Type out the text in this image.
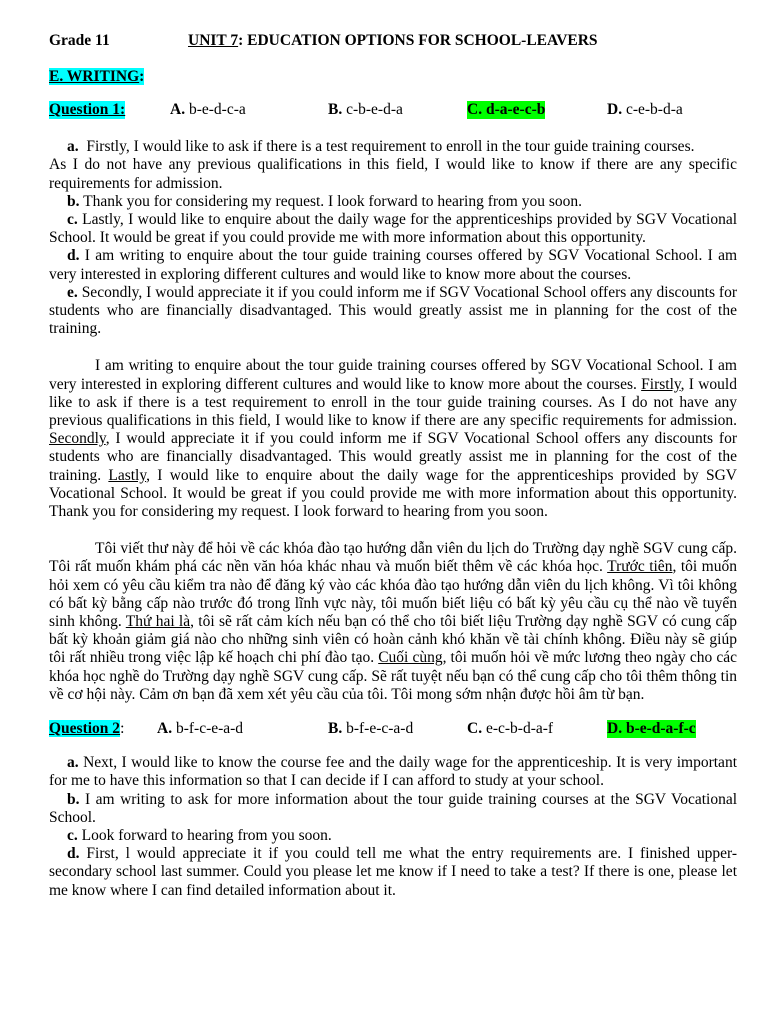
Grade 11	UNIT 7: EDUCATION OPTIONS FOR SCHOOL-LEAVERS
E. WRITING:
Question 1:	A. b-e-d-c-a	B. c-b-e-d-a	C. d-a-e-c-b	D. c-e-b-d-a

a. Firstly, I would like to ask if there is a test requirement to enroll in the tour guide training courses.

As I do not have any previous qualifications in this field, I would like to know if there are any specific requirements for admission.

b. Thank you for considering my request. I look forward to hearing from you soon.

c. Lastly, I would like to enquire about the daily wage for the apprenticeships provided by SGV Vocational School. It would be great if you could provide me with more information about this opportunity.

d. I am writing to enquire about the tour guide training courses offered by SGV Vocational School. I am very interested in exploring different cultures and would like to know more about the courses.

e. Secondly, I would appreciate it if you could inform me if SGV Vocational School offers any discounts for students who are financially disadvantaged. This would greatly assist me in planning for the cost of the training.

I am writing to enquire about the tour guide training courses offered by SGV Vocational School. I am very interested in exploring different cultures and would like to know more about the courses. Firstly, I would like to ask if there is a test requirement to enroll in the tour guide training courses. As I do not have any previous qualifications in this field, I would like to know if there are any specific requirements for admission. Secondly, I would appreciate it if you could inform me if SGV Vocational School offers any discounts for students who are financially disadvantaged. This would greatly assist me in planning for the cost of the training. Lastly, I would like to enquire about the daily wage for the apprenticeships provided by SGV Vocational School. It would be great if you could provide me with more information about this opportunity. Thank you for considering my request. I look forward to hearing from you soon.

Tôi viết thư này để hỏi về các khóa đào tạo hướng dẫn viên du lịch do Trường dạy nghề SGV cung cấp. Tôi rất muốn khám phá các nền văn hóa khác nhau và muốn biết thêm về các khóa học. Trước tiên, tôi muốn hỏi xem có yêu cầu kiểm tra nào để đăng ký vào các khóa đào tạo hướng dẫn viên du lịch không. Vì tôi không có bất kỳ bằng cấp nào trước đó trong lĩnh vực này, tôi muốn biết liệu có bất kỳ yêu cầu cụ thể nào về tuyển sinh không. Thứ hai là, tôi sẽ rất cảm kích nếu bạn có thể cho tôi biết liệu Trường dạy nghề SGV có cung cấp bất kỳ khoản giảm giá nào cho những sinh viên có hoàn cảnh khó khăn về tài chính không. Điều này sẽ giúp tôi rất nhiều trong việc lập kế hoạch chi phí đào tạo. Cuối cùng, tôi muốn hỏi về mức lương theo ngày cho các khóa học nghề do Trường dạy nghề SGV cung cấp. Sẽ rất tuyệt nếu bạn có thể cung cấp cho tôi thêm thông tin về cơ hội này. Cảm ơn bạn đã xem xét yêu cầu của tôi. Tôi mong sớm nhận được hồi âm từ bạn.

Question 2: A. b-f-c-e-a-d	B. b-f-e-c-a-d	C. e-c-b-d-a-f	D. b-e-d-a-f-c

a. Next, I would like to know the course fee and the daily wage for the apprenticeship. It is very important for me to have this information so that I can decide if I can afford to study at your school.

b. I am writing to ask for more information about the tour guide training courses at the SGV Vocational School.

c. Look forward to hearing from you soon.

d. First, l would appreciate it if you could tell me what the entry requirements are. I finished upper-secondary school last summer. Could you please let me know if I need to take a test? If there is one, please let me know where I can find detailed information about it.
